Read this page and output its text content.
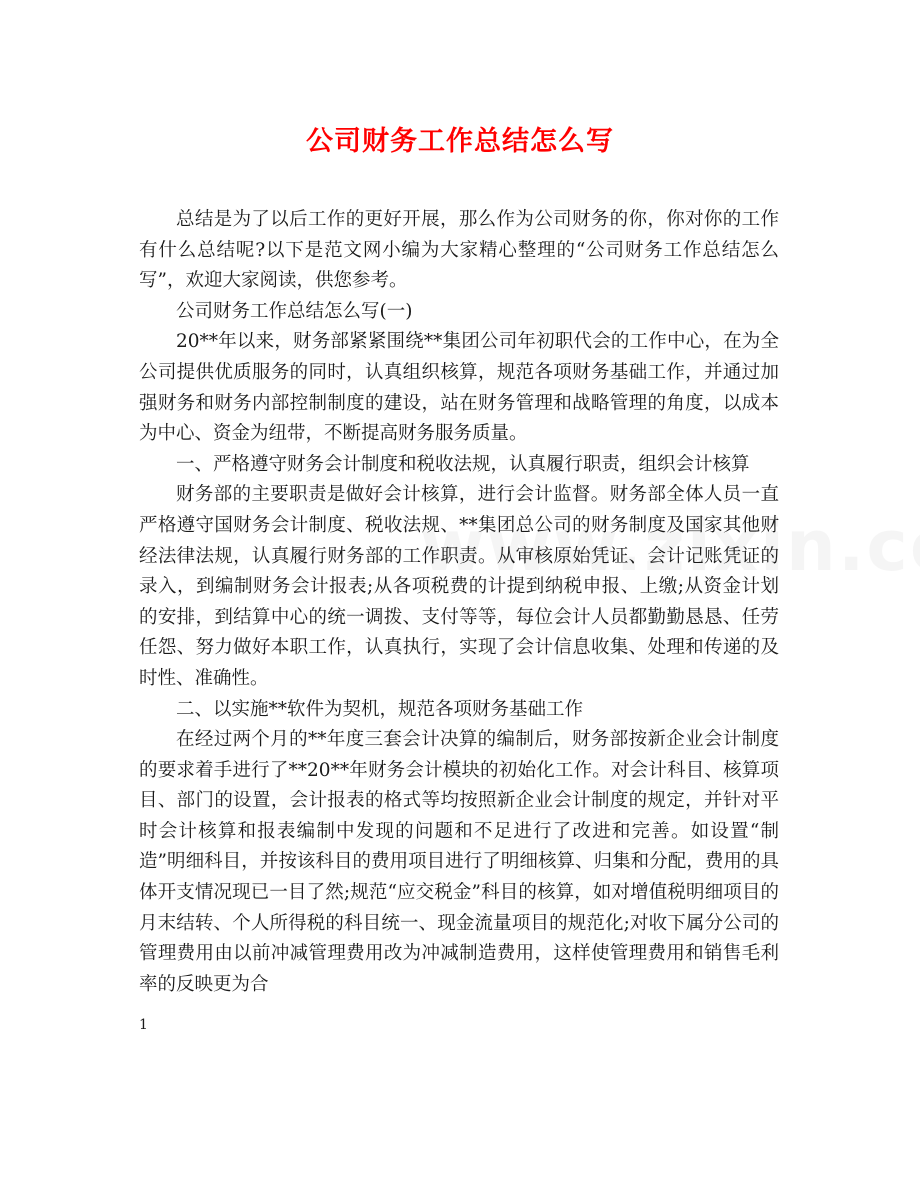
公司财务工作总结怎么写

总结是为了以后工作的更好开展，那么作为公司财务的你，你对你的工作有什么总结呢?以下是范文网小编为大家精心整理的“公司财务工作总结怎么写”，欢迎大家阅读，供您参考。

公司财务工作总结怎么写(一)

20**年以来，财务部紧紧围绕**集团公司年初职代会的工作中心，在为全公司提供优质服务的同时，认真组织核算，规范各项财务基础工作，并通过加强财务和财务内部控制制度的建设，站在财务管理和战略管理的角度，以成本为中心、资金为纽带，不断提高财务服务质量。

一、严格遵守财务会计制度和税收法规，认真履行职责，组织会计核算

财务部的主要职责是做好会计核算，进行会计监督。财务部全体人员一直严格遵守国财务会计制度、税收法规、**集团总公司的财务制度及国家其他财经法律法规，认真履行财务部的工作职责。从审核原始凭证、会计记账凭证的录入，到编制财务会计报表;从各项税费的计提到纳税申报、上缴;从资金计划的安排，到结算中心的统一调拨、支付等等，每位会计人员都勤勤恳恳、任劳任怨、努力做好本职工作，认真执行，实现了会计信息收集、处理和传递的及时性、准确性。

二、以实施**软件为契机，规范各项财务基础工作

在经过两个月的**年度三套会计决算的编制后，财务部按新企业会计制度的要求着手进行了**20**年财务会计模块的初始化工作。对会计科目、核算项目、部门的设置，会计报表的格式等均按照新企业会计制度的规定，并针对平时会计核算和报表编制中发现的问题和不足进行了改进和完善。如设置“制造”明细科目，并按该科目的费用项目进行了明细核算、归集和分配，费用的具体开支情况现已一目了然;规范“应交税金”科目的核算，如对增值税明细项目的月末结转、个人所得税的科目统一、现金流量项目的规范化;对收下属分公司的管理费用由以前冲减管理费用改为冲减制造费用，这样使管理费用和销售毛利率的反映更为合

1
